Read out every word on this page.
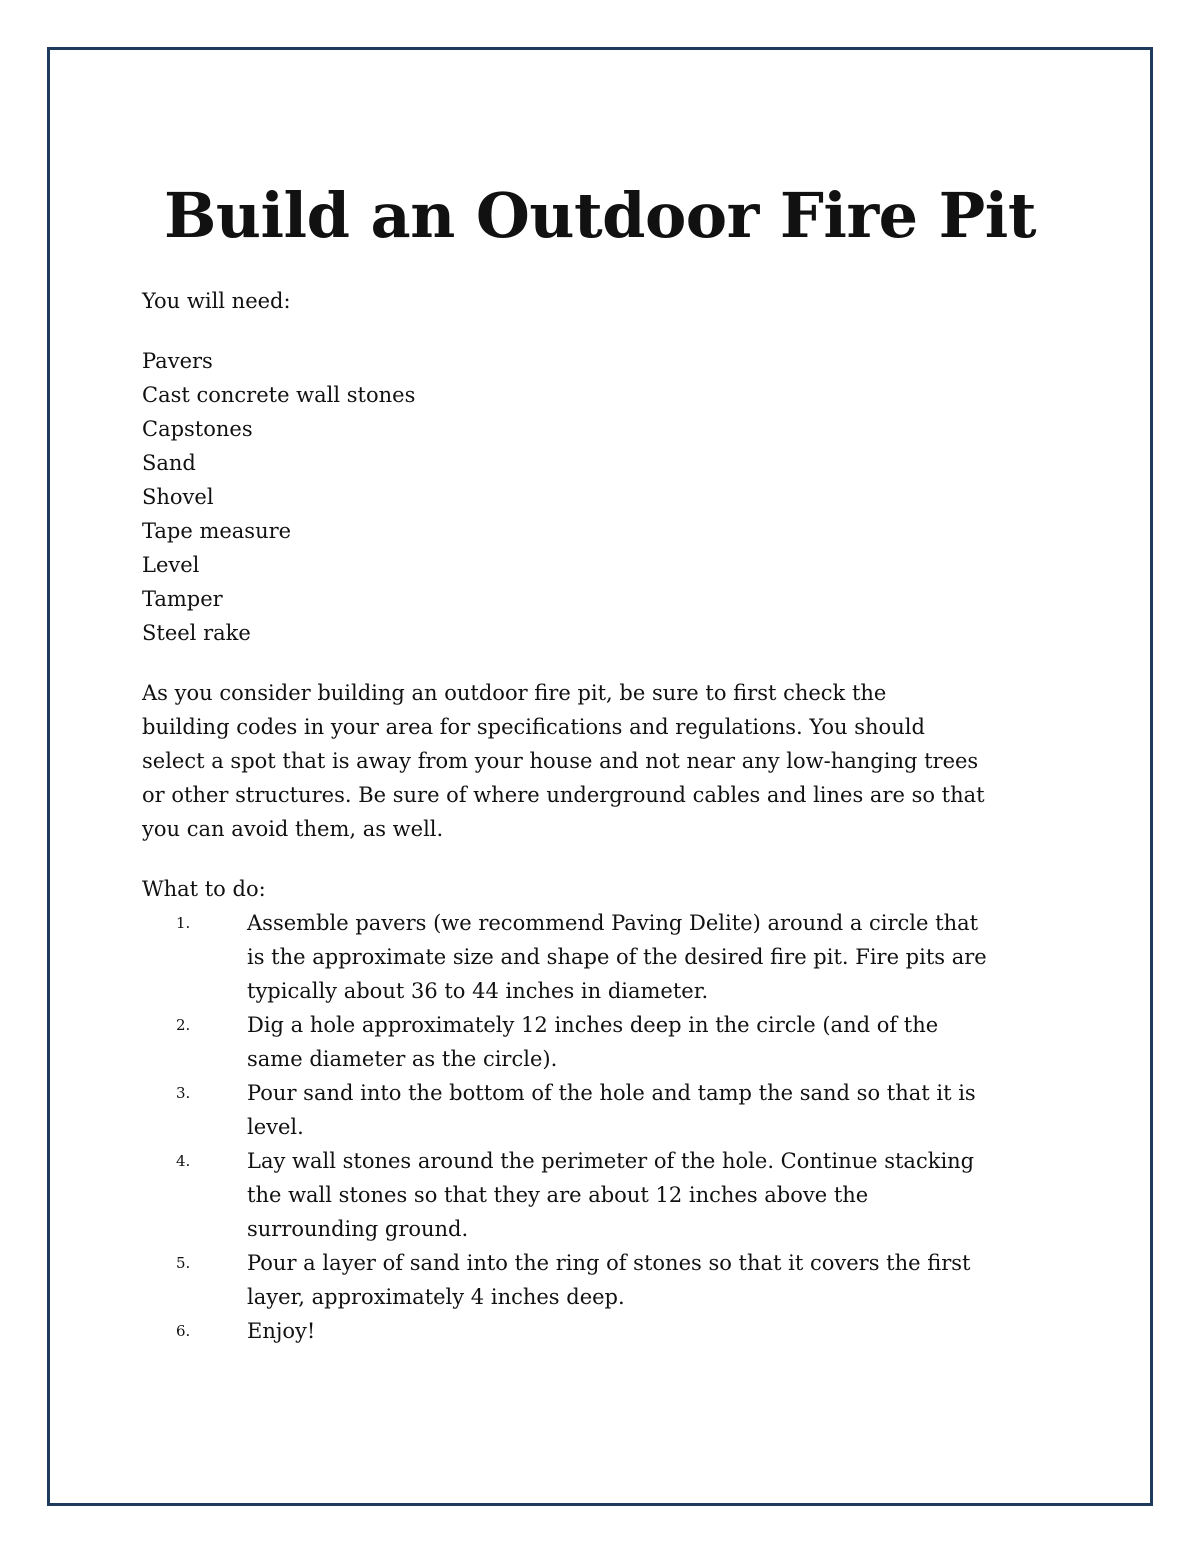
Build an Outdoor Fire Pit

You will need:

Pavers

Cast concrete wall stones

Capstones

Sand

Shovel

Tape measure

Level

Tamper

Steel rake

As you consider building an outdoor fire pit, be sure to first check the

building codes in your area for specifications and regulations. You should

select a spot that is away from your house and not near any low-hanging trees

or other structures. Be sure of where underground cables and lines are so that

you can avoid them, as well.

What to do:

1.	Assemble pavers (we recommend Paving Delite) around a circle that

is the approximate size and shape of the desired fire pit. Fire pits are

typically about 36 to 44 inches in diameter.

2.	Dig a hole approximately 12 inches deep in the circle (and of the

same diameter as the circle).

3.	Pour sand into the bottom of the hole and tamp the sand so that it is

level.

4.	Lay wall stones around the perimeter of the hole. Continue stacking

the wall stones so that they are about 12 inches above the

surrounding ground.

5.	Pour a layer of sand into the ring of stones so that it covers the first

layer, approximately 4 inches deep.

6.	Enjoy!
